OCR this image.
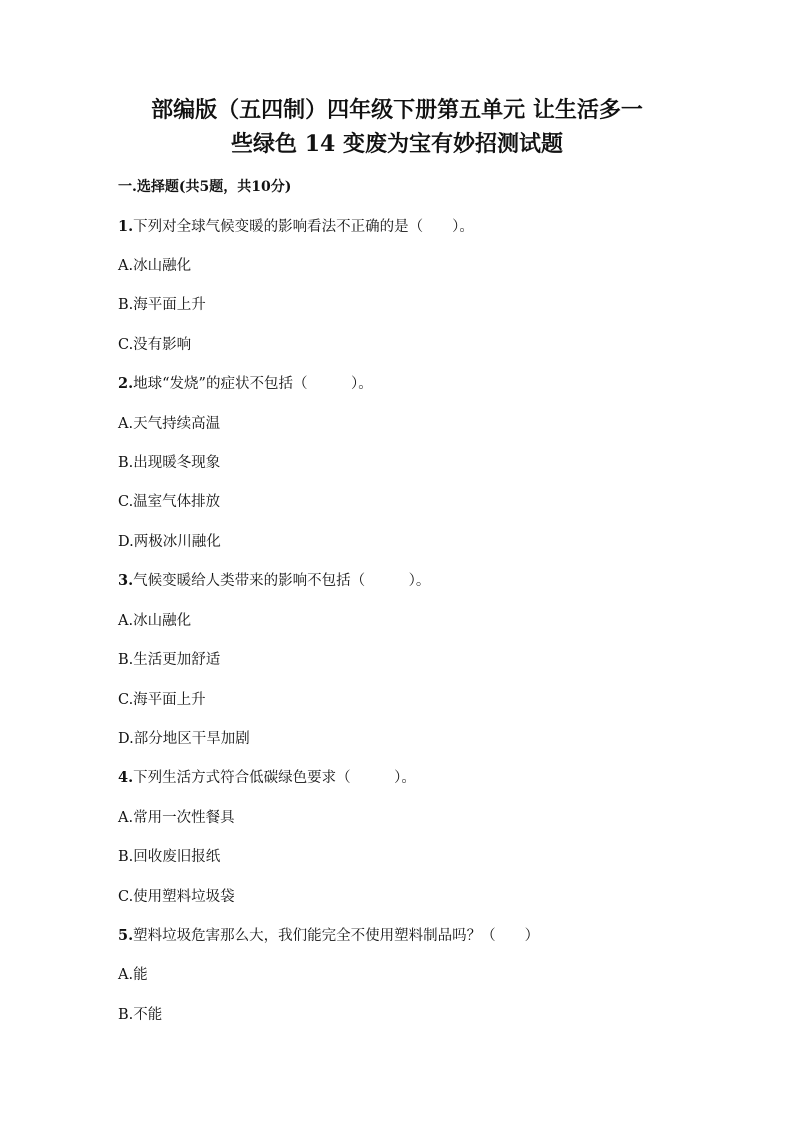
部编版（五四制）四年级下册第五单元 让生活多一
些绿色 14 变废为宝有妙招测试题
一.选择题(共5题，共10分)
1.下列对全球气候变暖的影响看法不正确的是（　　）。
A.冰山融化
B.海平面上升
C.没有影响
2.地球“发烧”的症状不包括（　　　）。
A.天气持续高温
B.出现暖冬现象
C.温室气体排放
D.两极冰川融化
3.气候变暖给人类带来的影响不包括（　　　）。
A.冰山融化
B.生活更加舒适
C.海平面上升
D.部分地区干旱加剧
4.下列生活方式符合低碳绿色要求（　　　）。
A.常用一次性餐具
B.回收废旧报纸
C.使用塑料垃圾袋
5.塑料垃圾危害那么大，我们能完全不使用塑料制品吗？（　　）
A.能
B.不能
